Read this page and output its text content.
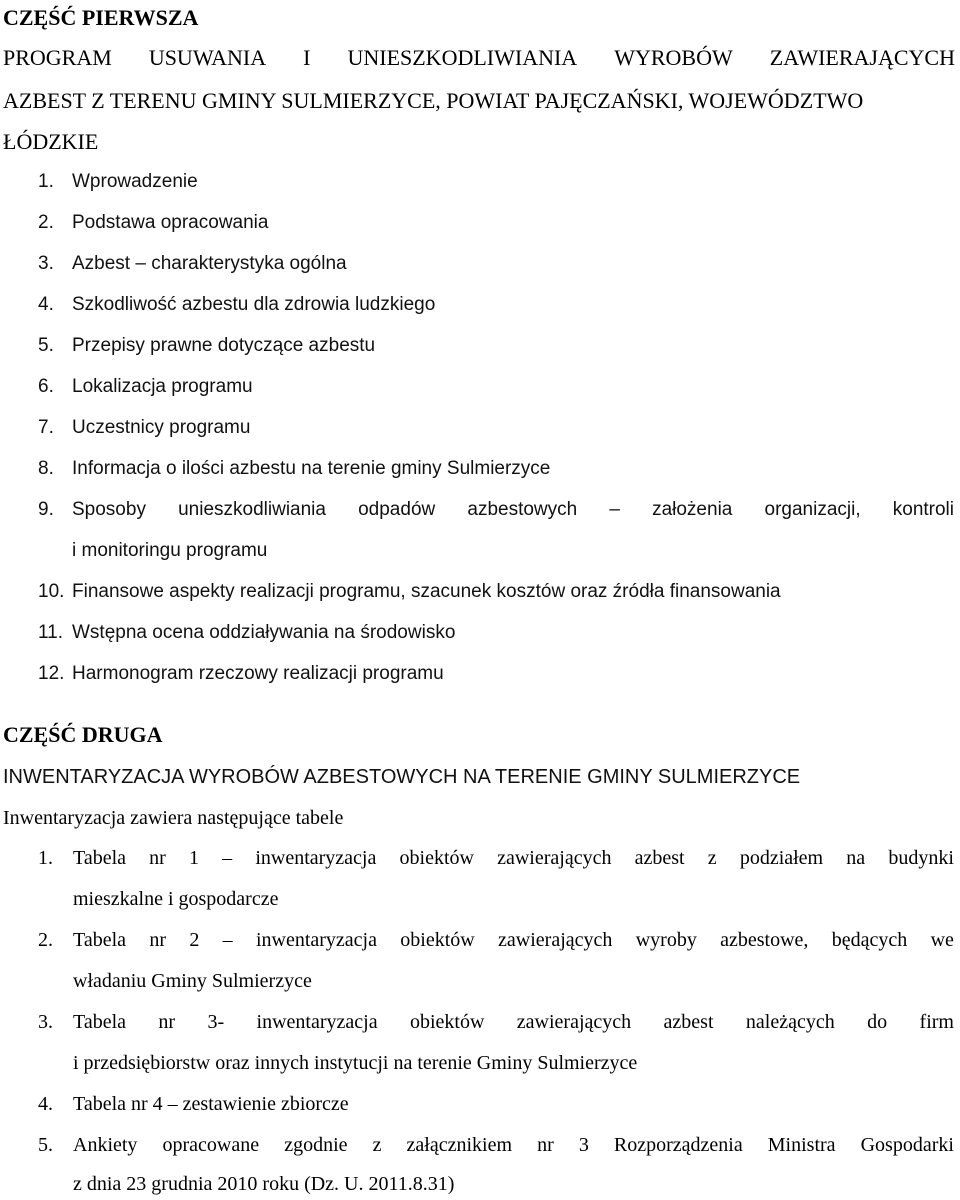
CZĘŚĆ PIERWSZA
PROGRAM USUWANIA I UNIESZKODLIWIANIA WYROBÓW ZAWIERAJĄCYCH
AZBEST Z TERENU GMINY SULMIERZYCE, POWIAT PAJĘCZAŃSKI, WOJEWÓDZTWO
ŁÓDZKIE
1. Wprowadzenie
2. Podstawa opracowania
3. Azbest – charakterystyka ogólna
4. Szkodliwość azbestu dla zdrowia ludzkiego
5. Przepisy prawne dotyczące azbestu
6. Lokalizacja programu
7. Uczestnicy programu
8. Informacja o ilości azbestu na terenie gminy Sulmierzyce
9. Sposoby unieszkodliwiania odpadów azbestowych – założenia organizacji, kontroli
i monitoringu programu
10. Finansowe aspekty realizacji programu, szacunek kosztów oraz źródła finansowania
11. Wstępna ocena oddziaływania na środowisko
12. Harmonogram rzeczowy realizacji programu
CZĘŚĆ DRUGA
INWENTARYZACJA WYROBÓW AZBESTOWYCH NA TERENIE GMINY SULMIERZYCE
Inwentaryzacja zawiera następujące tabele
1.	Tabela nr 1 – inwentaryzacja obiektów zawierających azbest z podziałem na budynki
mieszkalne i gospodarcze
2.	Tabela nr 2 – inwentaryzacja obiektów zawierających wyroby azbestowe, będących we
władaniu Gminy Sulmierzyce
3.	Tabela nr 3- inwentaryzacja obiektów zawierających azbest należących do firm
i przedsiębiorstw oraz innych instytucji na terenie Gminy Sulmierzyce
4. Tabela nr 4 – zestawienie zbiorcze
5.	Ankiety opracowane zgodnie z załącznikiem nr 3 Rozporządzenia Ministra Gospodarki
z dnia 23 grudnia 2010 roku (Dz. U. 2011.8.31)
